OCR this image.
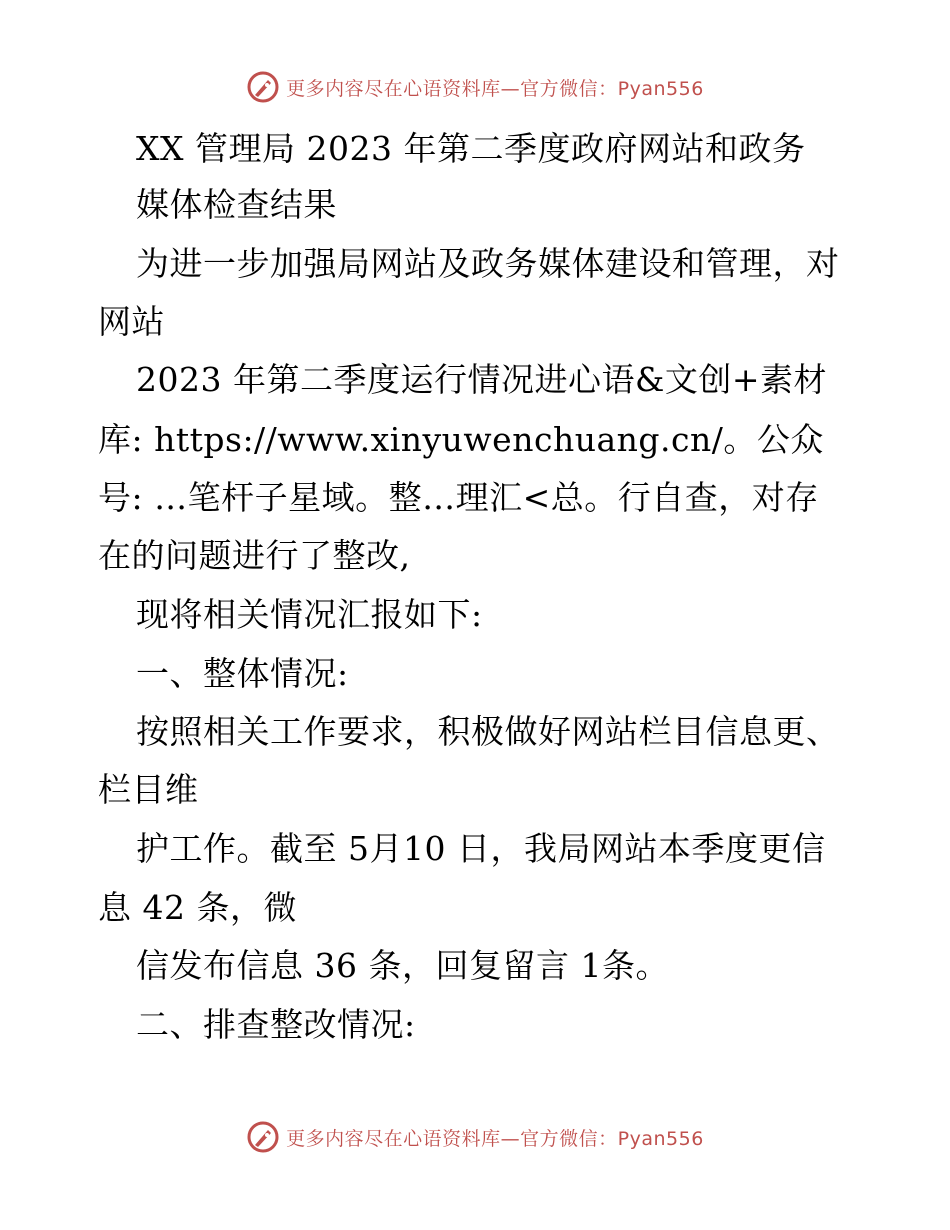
更多内容尽在心语资料库—官方微信：Pyan556
XX 管理局 2023 年第二季度政府网站和政务
媒体检查结果
为进一步加强局网站及政务媒体建设和管理，对
网站
2023 年第二季度运行情况进心语&文创+素材
库: https://www.xinyuwenchuang.cn/。公众
号: …笔杆子星域。整…理汇<总。行自查，对存
在的问题进行了整改,
现将相关情况汇报如下:
一、整体情况:
按照相关工作要求，积极做好网站栏目信息更、
栏目维
护工作。截至 5月10 日，我局网站本季度更信
息 42 条，微
信发布信息 36 条，回复留言 1条。
二、排查整改情况:
更多内容尽在心语资料库—官方微信：Pyan556
